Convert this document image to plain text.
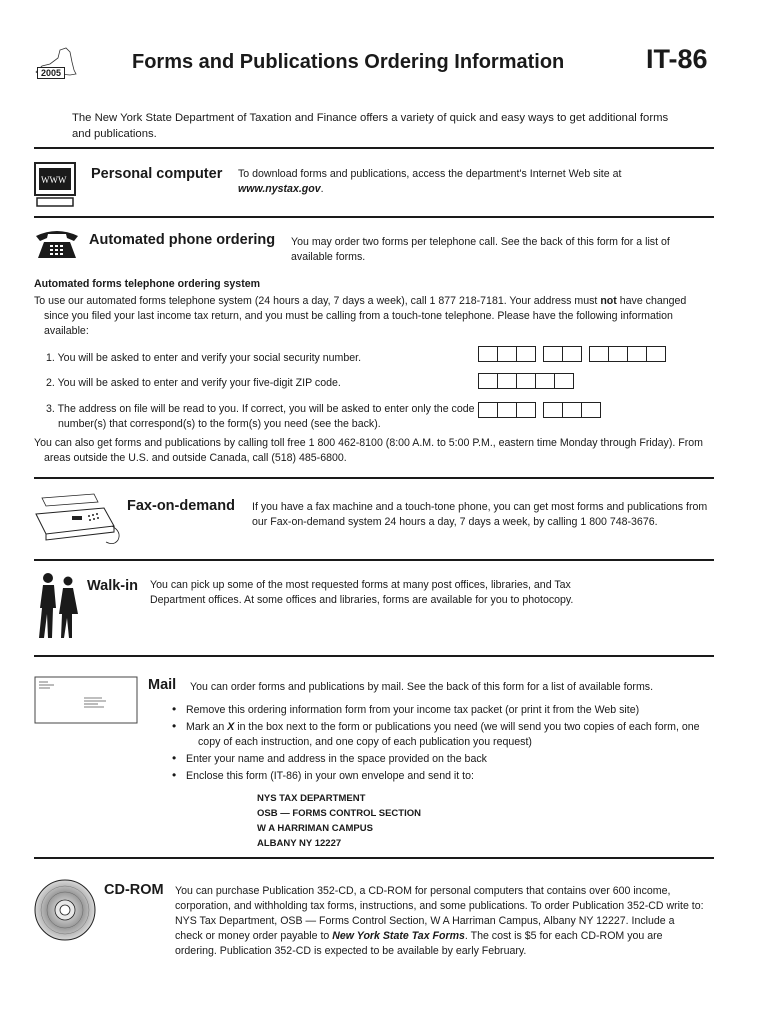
2005	Forms and Publications Ordering Information	IT-86
The New York State Department of Taxation and Finance offers a variety of quick and easy ways to get additional forms and publications.
WWW Personal computer To download forms and publications, access the department's Internet Web site at
www.nystax.gov.
Automated phone ordering You may order two forms per telephone call. See the back of this form for a list of available forms.
Automated forms telephone ordering system
To use our automated forms telephone system (24 hours a day, 7 days a week), call 1 877 218-7181. Your address must not have changed since you filed your last income tax return, and you must be calling from a touch-tone telephone. Please have the following information available:
1. You will be asked to enter and verify your social security number.
2. You will be asked to enter and verify your five-digit ZIP code.
3. The address on file will be read to you. If correct, you will be asked to enter only the code number(s) that correspond(s) to the form(s) you need (see the back).
You can also get forms and publications by calling toll free 1 800 462-8100 (8:00 A.M. to 5:00 P.M., eastern time Monday through Friday). From areas outside the U.S. and outside Canada, call (518) 485-6800.
Fax-on-demand If you have a fax machine and a touch-tone phone, you can get most forms and publications from our Fax-on-demand system 24 hours a day, 7 days a week, by calling 1 800 748-3676.
Walk-in You can pick up some of the most requested forms at many post offices, libraries, and Tax Department offices. At some offices and libraries, forms are available for you to photocopy.
Mail You can order forms and publications by mail. See the back of this form for a list of available forms.
• Remove this ordering information form from your income tax packet (or print it from the Web site)
• Mark an X in the box next to the form or publications you need (we will send you two copies of each form, one copy of each instruction, and one copy of each publication you request)
• Enter your name and address in the space provided on the back
• Enclose this form (IT-86) in your own envelope and send it to:
NYS TAX DEPARTMENT
OSB — FORMS CONTROL SECTION
W A HARRIMAN CAMPUS
ALBANY NY 12227
CD-ROM You can purchase Publication 352-CD, a CD-ROM for personal computers that contains over 600 income, corporation, and withholding tax forms, instructions, and some publications. To order Publication 352-CD write to: NYS Tax Department, OSB — Forms Control Section, W A Harriman Campus, Albany NY 12227. Include a check or money order payable to New York State Tax Forms. The cost is $5 for each CD-ROM you are ordering. Publication 352-CD is expected to be available by early February.
